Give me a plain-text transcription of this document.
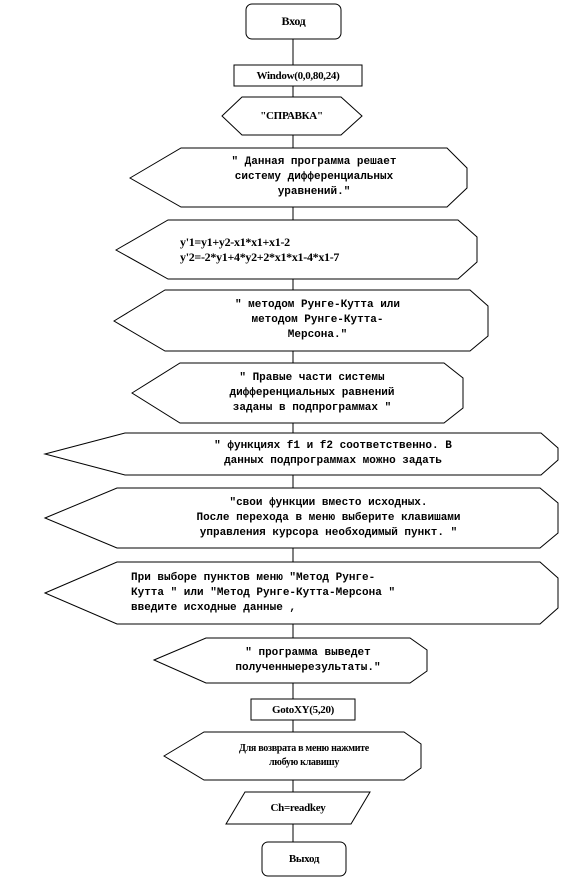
Вход
Window(0,0,80,24)
"СПРАВКА"
" Данная программа решает
систему дифференциальных
уравнений."
y'1=y1+y2-x1*x1+x1-2
y'2=-2*y1+4*y2+2*x1*x1-4*x1-7
" методом Рунге-Кутта или
методом Рунге-Кутта-
Мерсона."
" Правые части системы
дифференциальных равнений
заданы в подпрограммах "
" функциях f1 и f2 соответственно. В
данных подпрограммах можно задать
"свои функции вместо исходных.
После перехода в меню выберите клавишами
управления курсора необходимый пункт. "
При выборе пунктов меню "Метод Рунге-
Кутта " или "Метод Рунге-Кутта-Мерсона "
введите исходные данные ,
" программа выведет
полученныерезультаты."
GotoXY(5,20)
Для возврата в меню нажмите
любую клавишу
Ch=readkey
Выход
